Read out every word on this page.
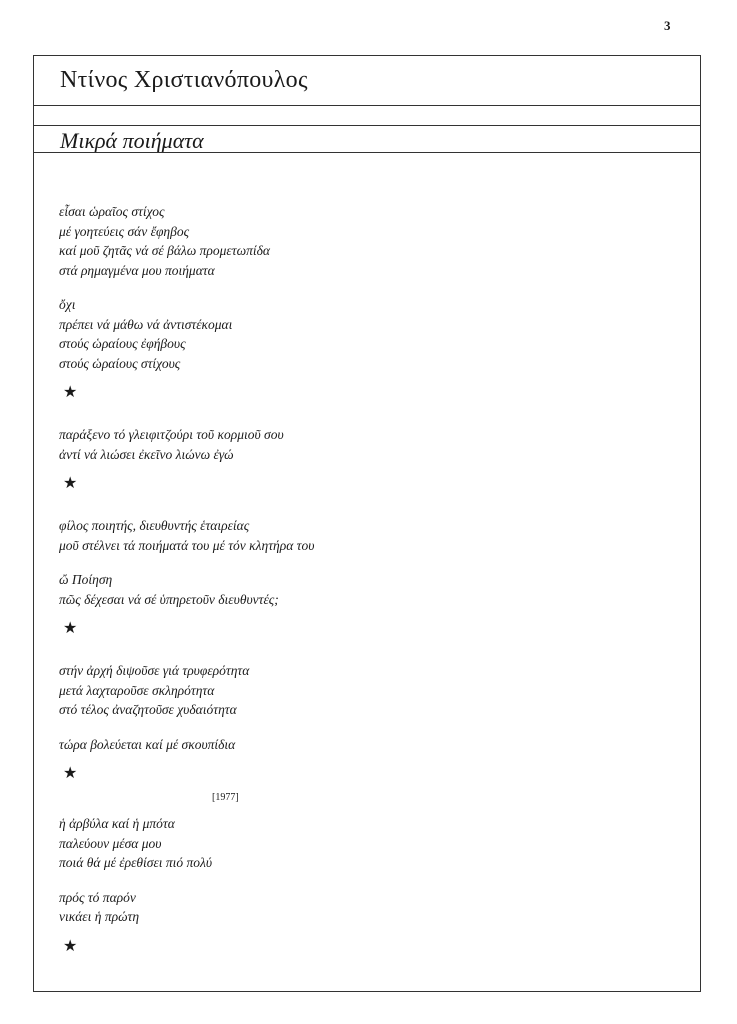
3
Ντίνος Χριστιανόπουλος
Μικρά ποιήματα
εἶσαι ὡραῖος στίχος
μέ γοητεύεις σάν ἔφηβος
καί μοῦ ζητᾶς νά σέ βάλω προμετωπίδα
στά ρημαγμένα μου ποιήματα
ὄχι
πρέπει νά μάθω νά ἀντιστέκομαι
στούς ὡραίους ἐφήβους
στούς ὡραίους στίχους
★
παράξενο τό γλειφιτζούρι τοῦ κορμιοῦ σου
ἀντί νά λιώσει ἐκεῖνο λιώνω ἐγώ
★
φίλος ποιητής, διευθυντής ἑταιρείας
μοῦ στέλνει τά ποιήματά του μέ τόν κλητήρα του
ὤ Ποίηση
πῶς δέχεσαι νά σέ ὑπηρετοῦν διευθυντές;
★
στήν ἀρχή διψοῦσε γιά τρυφερότητα
μετά λαχταροῦσε σκληρότητα
στό τέλος ἀναζητοῦσε χυδαιότητα
τώρα βολεύεται καί μέ σκουπίδια
★
[1977]
ἡ ἀρβύλα καί ἡ μπότα
παλεύουν μέσα μου
ποιά θά μέ ἐρεθίσει πιό πολύ
πρός τό παρόν
νικάει ἡ πρώτη
★
